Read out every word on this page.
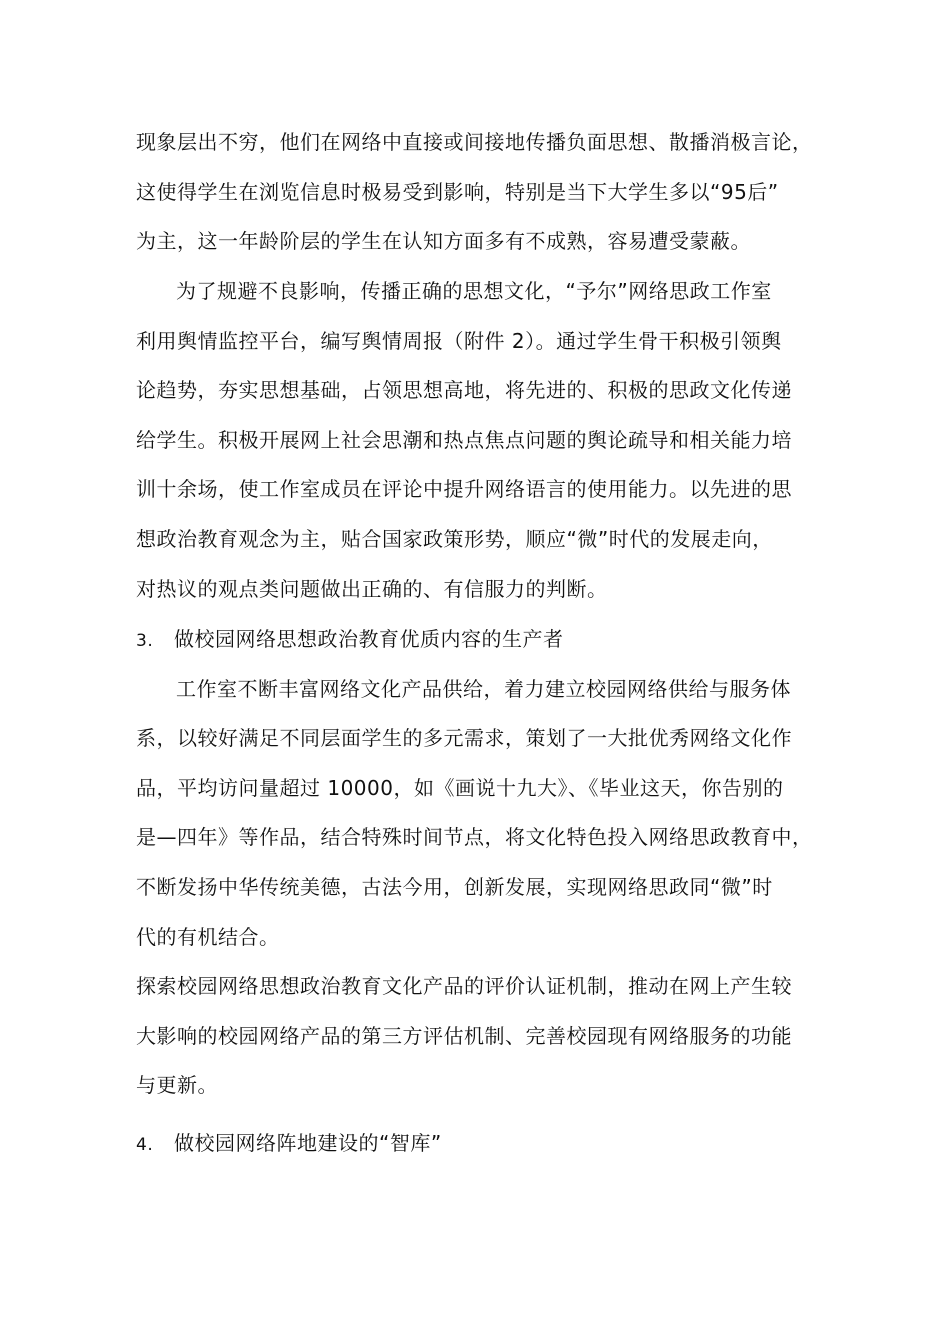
现象层出不穷，他们在网络中直接或间接地传播负面思想、散播消极言论，
这使得学生在浏览信息时极易受到影响，特别是当下大学生多以“95后”
为主，这一年龄阶层的学生在认知方面多有不成熟，容易遭受蒙蔽。
为了规避不良影响，传播正确的思想文化，“予尔”网络思政工作室
利用舆情监控平台，编写舆情周报（附件 2）。通过学生骨干积极引领舆
论趋势，夯实思想基础，占领思想高地，将先进的、积极的思政文化传递
给学生。积极开展网上社会思潮和热点焦点问题的舆论疏导和相关能力培
训十余场，使工作室成员在评论中提升网络语言的使用能力。以先进的思
想政治教育观念为主，贴合国家政策形势，顺应“微”时代的发展走向，
对热议的观点类问题做出正确的、有信服力的判断。
3. 做校园网络思想政治教育优质内容的生产者
工作室不断丰富网络文化产品供给，着力建立校园网络供给与服务体
系，以较好满足不同层面学生的多元需求，策划了一大批优秀网络文化作
品，平均访问量超过 10000，如《画说十九大》、《毕业这天，你告别的
是—四年》等作品，结合特殊时间节点，将文化特色投入网络思政教育中，
不断发扬中华传统美德，古法今用，创新发展，实现网络思政同“微”时
代的有机结合。
探索校园网络思想政治教育文化产品的评价认证机制，推动在网上产生较
大影响的校园网络产品的第三方评估机制、完善校园现有网络服务的功能
与更新。
4. 做校园网络阵地建设的“智库”
